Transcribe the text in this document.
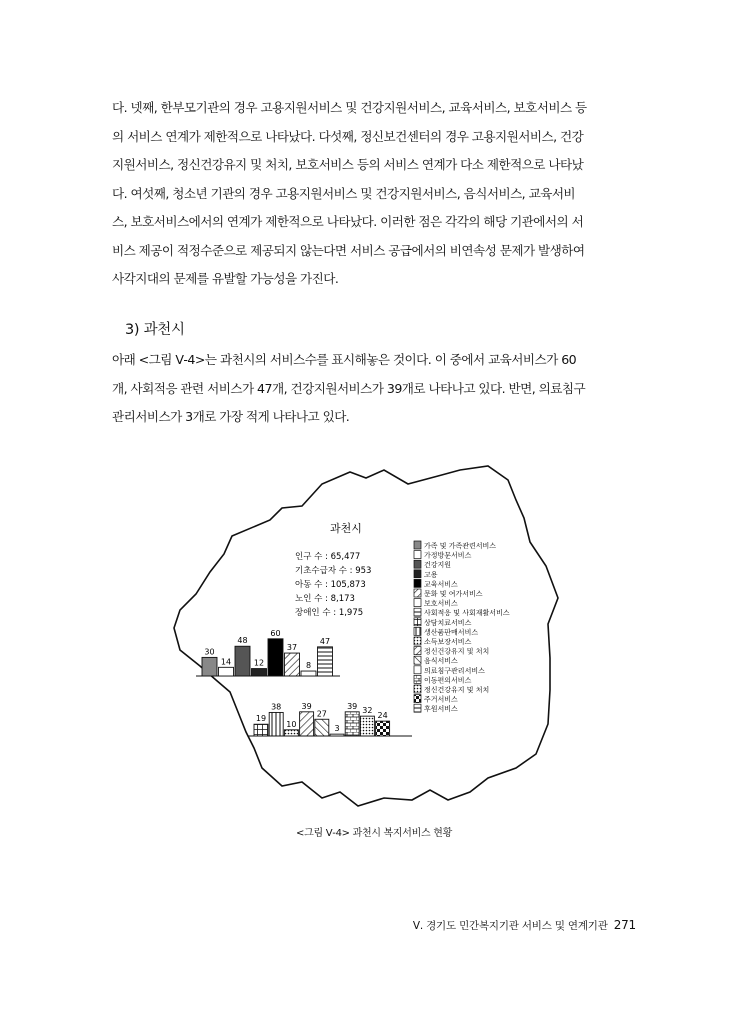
다. 넷째, 한부모기관의 경우 고용지원서비스 및 건강지원서비스, 교육서비스, 보호서비스 등
의 서비스 연계가 제한적으로 나타났다. 다섯째, 정신보건센터의 경우 고용지원서비스, 건강
지원서비스, 정신건강유지 및 처치, 보호서비스 등의 서비스 연계가 다소 제한적으로 나타났
다. 여섯째, 청소년 기관의 경우 고용지원서비스 및 건강지원서비스, 음식서비스, 교육서비
스, 보호서비스에서의 연계가 제한적으로 나타났다. 이러한 점은 각각의 해당 기관에서의 서
비스 제공이 적정수준으로 제공되지 않는다면 서비스 공급에서의 비연속성 문제가 발생하여
사각지대의 문제를 유발할 가능성을 가진다.
3) 과천시
아래 <그림 Ⅴ-4>는 과천시의 서비스수를 표시해놓은 것이다. 이 중에서 교육서비스가 60
개, 사회적응 관련 서비스가 47개, 건강지원서비스가 39개로 나타나고 있다. 반면, 의료침구
관리서비스가 3개로 가장 적게 나타나고 있다.
과천시
인구 수 : 65,477
기초수급자 수 : 953
아동 수 : 105,873
노인 수 : 8,173
장애인 수 : 1,975
30
14
48
12
60
37
8
47
19
38
10
39
27
3
39 32
24
가족 및 가족관련서비스
가정방문서비스
건강지원
고용
교육서비스
문화 및 여가서비스
보호서비스
사회적응 및 사회재활서비스
상담치료서비스
생산품판매서비스
소득보장서비스
정신건강유지 및 처치
음식서비스
의료침구관리서비스
이동편의서비스
정신건강유지 및 처치
주거서비스
후원서비스
<그림 Ⅴ-4> 과천시 복지서비스 현황
Ⅴ. 경기도 민간복지기관 서비스 및 연계기관 271
